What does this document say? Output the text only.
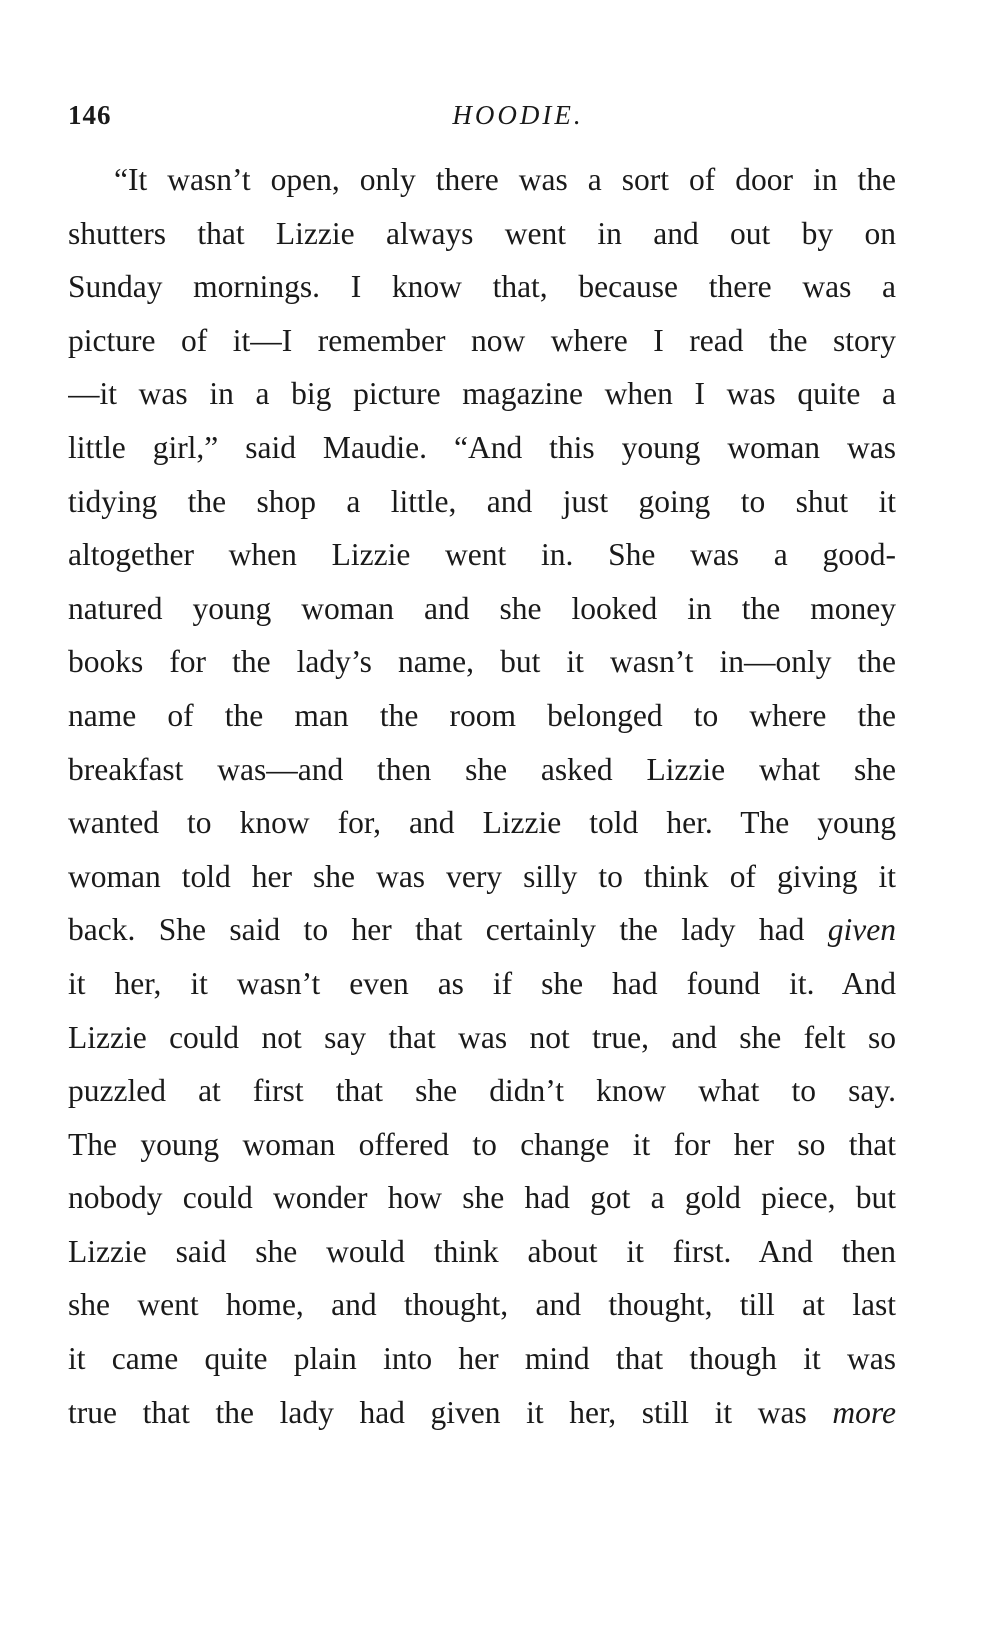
146	HOODIE.
“It wasn’t open, only there was a sort of door in the
shutters that Lizzie always went in and out by on
Sunday mornings. I know that, because there was a
picture of it—I remember now where I read the story
—it was in a big picture magazine when I was quite a
little girl,” said Maudie. “And this young woman was
tidying the shop a little, and just going to shut it
altogether when Lizzie went in. She was a good-
natured young woman and she looked in the money
books for the lady’s name, but it wasn’t in—only the
name of the man the room belonged to where the
breakfast was—and then she asked Lizzie what she
wanted to know for, and Lizzie told her. The young
woman told her she was very silly to think of giving it
back. She said to her that certainly the lady had given
it her, it wasn’t even as if she had found it. And
Lizzie could not say that was not true, and she felt so
puzzled at first that she didn’t know what to say.
The young woman offered to change it for her so that
nobody could wonder how she had got a gold piece, but
Lizzie said she would think about it first. And then
she went home, and thought, and thought, till at last
it came quite plain into her mind that though it was
true that the lady had given it her, still it was more
